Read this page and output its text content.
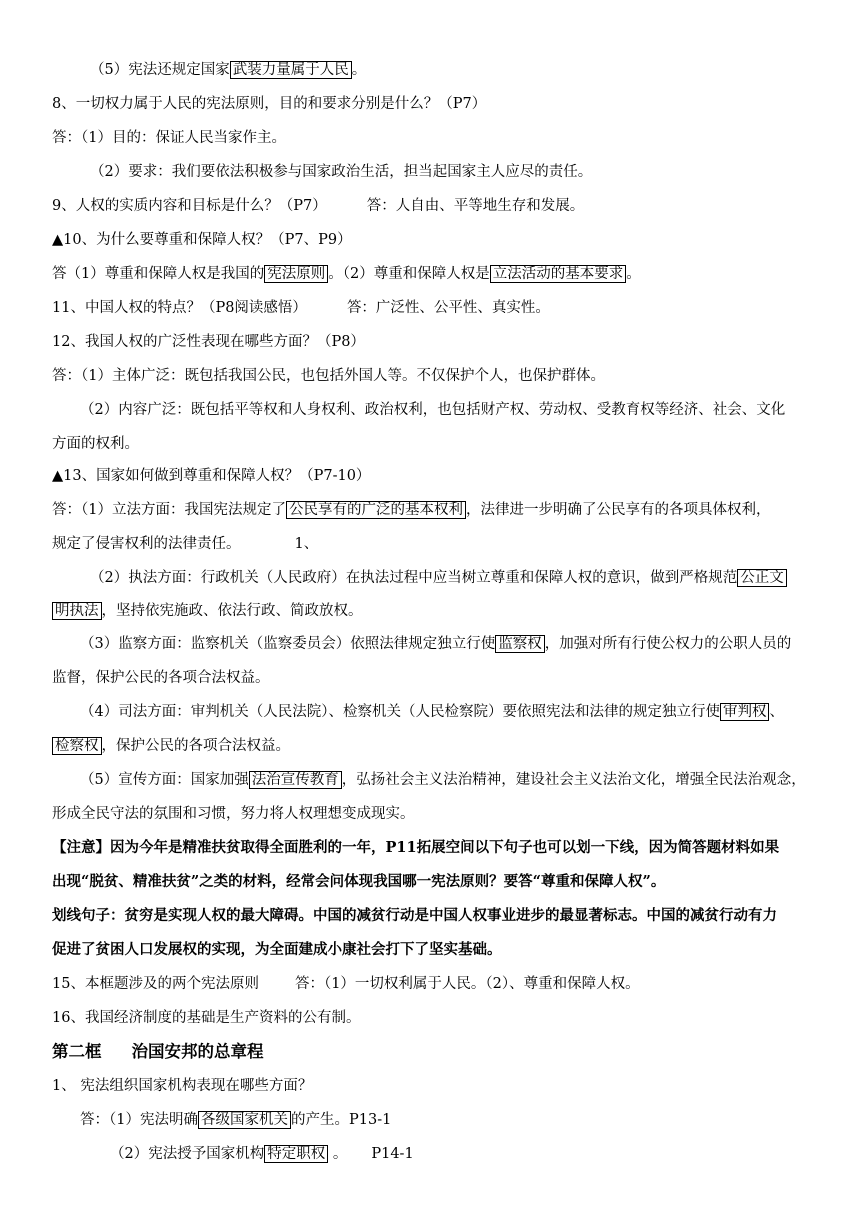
（5）宪法还规定国家 武装力量属于人民 。
8、一切权力属于人民的宪法原则，目的和要求分别是什么？（P7）
答：（1）目的：保证人民当家作主。
（2）要求：我们要依法积极参与国家政治生活，担当起国家主人应尽的责任。
9、人权的实质内容和目标是什么？（P7）	答：人自由、平等地生存和发展。
▲10、为什么要尊重和保障人权？（P7、P9）
答（1）尊重和保障人权是我国的 宪法原则 。（2）尊重和保障人权是 立法活动的基本要求 。
11、中国人权的特点？（P8阅读感悟）	答：广泛性、公平性、真实性。
12、我国人权的广泛性表现在哪些方面？（P8）
答：（1）主体广泛：既包括我国公民，也包括外国人等。不仅保护个人，也保护群体。
（2）内容广泛：既包括平等权和人身权利、政治权利，也包括财产权、劳动权、受教育权等经济、社会、文化
方面的权利。
▲13、国家如何做到尊重和保障人权？（P7-10）
答：（1）立法方面：我国宪法规定了 公民享有的广泛的基本权利 ，法律进一步明确了公民享有的各项具体权利，
规定了侵害权利的法律责任。	1、
（2）执法方面：行政机关（人民政府）在执法过程中应当树立尊重和保障人权的意识，做到严格规范 公正文
明执法 ，坚持依宪施政、依法行政、简政放权。
（3）监察方面：监察机关（监察委员会）依照法律规定独立行使 监察权 ，加强对所有行使公权力的公职人员的
监督，保护公民的各项合法权益。
（4）司法方面：审判机关（人民法院）、检察机关（人民检察院）要依照宪法和法律的规定独立行使 审判权 、
检察权 ，保护公民的各项合法权益。
（5）宣传方面：国家加强 法治宣传教育 ，弘扬社会主义法治精神，建设社会主义法治文化，增强全民法治观念，
形成全民守法的氛围和习惯，努力将人权理想变成现实。
【注意】因为今年是精准扶贫取得全面胜利的一年，P11拓展空间以下句子也可以划一下线，因为简答题材料如果
出现“脱贫、精准扶贫”之类的材料，经常会问体现我国哪一宪法原则？要答“尊重和保障人权”。
划线句子：贫穷是实现人权的最大障碍。中国的减贫行动是中国人权事业进步的最显著标志。中国的减贫行动有力
促进了贫困人口发展权的实现，为全面建成小康社会打下了坚实基础。
15、本框题涉及的两个宪法原则 答：（1）一切权利属于人民。（2）、尊重和保障人权。
16、我国经济制度的基础是生产资料的公有制。
第二框 治国安邦的总章程
1、 宪法组织国家机构表现在哪些方面？
答：（1）宪法明确 各级国家机关 的产生。P13-1
（2）宪法授予国家机构 特定职权 。 P14-1
